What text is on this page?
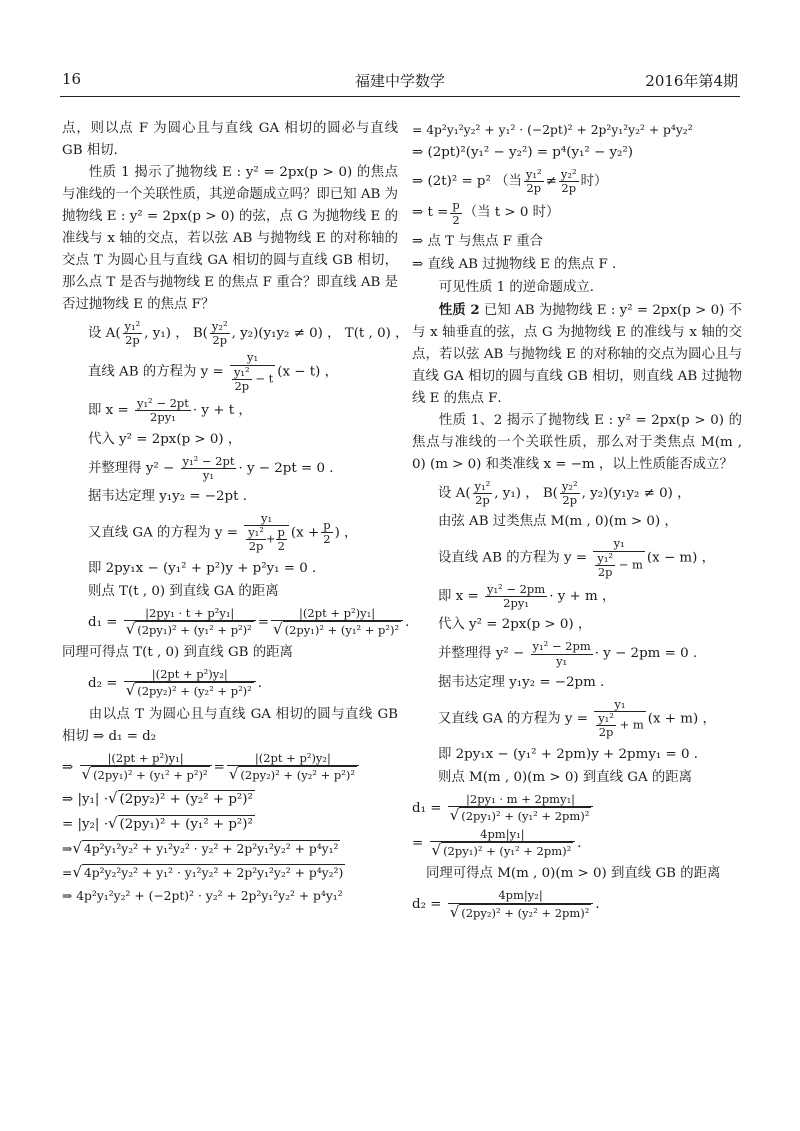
16	福建中学数学	2016年第4期

点，则以点 F 为圆心且与直线 GA 相切的圆必与直线 GB 相切．

性质 1 揭示了抛物线 E : y² = 2px(p > 0) 的焦点与准线的一个关联性质，其逆命题成立吗？即已知 AB 为抛物线 E : y² = 2px(p > 0) 的弦，点 G 为抛物线 E 的准线与 x 轴的交点，若以弦 AB 与抛物线 E 的对称轴的交点 T 为圆心且与直线 GA 相切的圆与直线 GB 相切，那么点 T 是否与抛物线 E 的焦点 F 重合？即直线 AB 是否过抛物线 E 的焦点 F？

设 $A( \frac{\text{y₁²}}{2p}$ , y₁) ， $B( \frac{\text{y₂²}}{2p}$ , y₂)(y₁y₂ ≠ 0) ， T(t , 0) ，
直线 AB 的方程为 $y = \frac{\text{y₁}}{\frac{\text{y₁²}}{2p} - t} (x - t)$ ，
即 $x = \frac{\text{y₁² − 2pt}}{\text{2py₁}} \cdot y + t$ ，
代入 y² = 2px(p > 0) ，
并整理得 $y^2 - \frac{\text{y₁² − 2pt}}{\text{y₁}} \cdot y - 2pt = 0$ ．
据韦达定理 y₁y₂ = −2pt ．
又直线 GA 的方程为 $y = \frac{\text{y₁}}{\frac{\text{y₁²}}{2p} + \frac{p}{2}} (x + \frac{p}{2}$ ) ，
即 2py₁x − (y₁² + p²)y + p²y₁ = 0 ．
则点 T(t , 0) 到直线 GA 的距离
$d_1 = \frac{\text{|2py₁ · t + p²y₁|}}{\text{√ (2py₁)² + (y₁² + p²)²}} = \frac{\text{|(2pt + p²)y₁|}}{\text{√ (2py₁)² + (y₁² + p²)²}}$ ．
同理可得点 T(t , 0) 到直线 GB 的距离
$d_2 = \frac{\text{|(2pt + p²)y₂|}}{\text{√ (2py₂)² + (y₂² + p²)²}}$ ．

由以点 T 为圆心且与直线 GA 相切的圆与直线 GB 相切 ⇒ d₁ = d₂

⇒ $\frac{\text{|(2pt + p²)y₁|}}{\text{√ (2py₁)² + (y₁² + p²)²}} = \frac{\text{|(2pt + p²)y₂|}}{\text{√ (2py₂)² + (y₂² + p²)²}}$
⇒ |y₁| ·√ (2py₂)² + (y₂² + p²)²
= |y₂| ·√ (2py₁)² + (y₁² + p²)²
⇒√ 4p²y₁²y₂² + y₁²y₂² · y₂² + 2p²y₁²y₂² + p⁴y₁²
=√ 4p²y₂²y₂² + y₁² · y₁²y₂² + 2p²y₁²y₂² + p⁴y₂²)
⇒ 4p²y₁²y₂² + (−2pt)² · y₂² + 2p²y₁²y₂² + p⁴y₁²
= 4p²y₁²y₂² + y₁² · (−2pt)² + 2p²y₁²y₂² + p⁴y₂²
⇒ (2pt)²(y₁² − y₂²) = p⁴(y₁² − y₂²)
⇒ (2t)² = p² （当 $\frac{\text{y₁²}}{2p} \ne \frac{\text{y₂²}}{2p}$ 时）
⇒ $t = \frac{p}{2}$ （当 t > 0 时）
⇒ 点 T 与焦点 F 重合
⇒ 直线 AB 过抛物线 E 的焦点 F ．

可见性质 1 的逆命题成立．

性质 2 已知 AB 为抛物线 E : y² = 2px(p > 0) 不与 x 轴垂直的弦，点 G 为抛物线 E 的准线与 x 轴的交点，若以弦 AB 与抛物线 E 的对称轴的交点为圆心且与直线 GA 相切的圆与直线 GB 相切，则直线 AB 过抛物线 E 的焦点 F．

性质 1、2 揭示了抛物线 E : y² = 2px(p > 0) 的焦点与准线的一个关联性质，那么对于类焦点 M(m , 0) (m > 0) 和类准线 x = −m ，以上性质能否成立？

设 $A( \frac{\text{y₁²}}{2p}$ , y₁) ， $B( \frac{\text{y₂²}}{2p}$ , y₂)(y₁y₂ ≠ 0) ，
由弦 AB 过类焦点 M(m , 0)(m > 0) ，
设直线 AB 的方程为 $y = \frac{\text{y₁}}{\frac{\text{y₁²}}{2p} - m} (x - m)$ ，
即 $x = \frac{\text{y₁² − 2pm}}{\text{2py₁}} \cdot y + m$ ，
代入 y² = 2px(p > 0) ，
并整理得 $y^2 - \frac{\text{y₁² − 2pm}}{\text{y₁}} \cdot y - 2pm = 0$ ．
据韦达定理 y₁y₂ = −2pm ．
又直线 GA 的方程为 $y = \frac{\text{y₁}}{\frac{\text{y₁²}}{2p} + m} (x + m)$ ，
即 2py₁x − (y₁² + 2pm)y + 2pmy₁ = 0 ．
则点 M(m , 0)(m > 0) 到直线 GA 的距离
$d_1 = \frac{\text{|2py₁ · m + 2pmy₁|}}{\text{√ (2py₁)² + (y₁² + 2pm)²}}$
= $\frac{\text{4pm|y₁|}}{\text{√ (2py₁)² + (y₁² + 2pm)²}}$ ．
同理可得点 M(m , 0)(m > 0) 到直线 GB 的距离
$d_2 = \frac{\text{4pm|y₂|}}{\text{√ (2py₂)² + (y₂² + 2pm)²}}$ ．
